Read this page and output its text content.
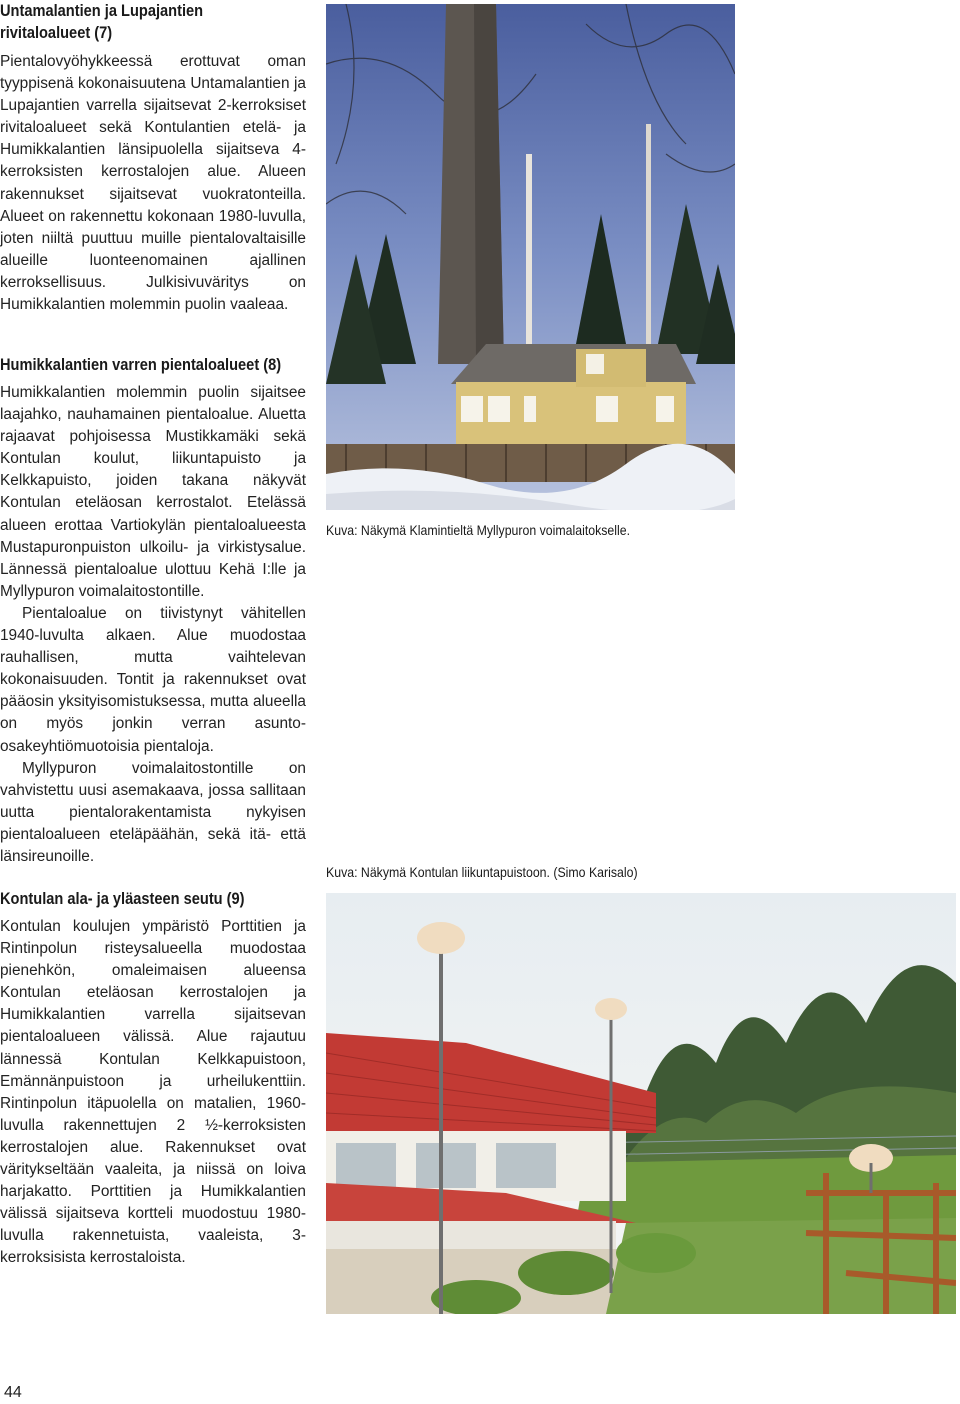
Untamalantien ja Lupajantien
rivitaloalueet (7)

Pientalovyöhykkeessä erottuvat oman tyyppisenä kokonaisuutena Untamalantien ja Lupajantien varrella sijaitsevat 2-kerroksiset rivitaloalueet sekä Kontulantien etelä- ja Humikkalantien länsipuolella sijaitseva 4-kerroksisten kerrostalojen alue. Alueen rakennukset sijaitsevat vuokratonteilla. Alueet on rakennettu kokonaan 1980-luvulla, joten niiltä puuttuu muille pientalovaltaisille alueille luonteenomainen ajallinen kerroksellisuus. Julkisivuväritys on Humikkalantien molemmin puolin vaaleaa.

Humikkalantien varren pientaloalueet (8)

Humikkalantien molemmin puolin sijaitsee laajahko, nauhamainen pientaloalue. Aluetta rajaavat pohjoisessa Mustikkamäki sekä Kontulan koulut, liikuntapuisto ja Kelkkapuisto, joiden takana näkyvät Kontulan eteläosan kerrostalot. Etelässä alueen erottaa Vartiokylän pientaloalueesta Mustapuronpuiston ulkoilu- ja virkistysalue. Lännessä pientaloalue ulottuu Kehä I:lle ja Myllypuron voimalaitostontille.

Pientaloalue on tiivistynyt vähitellen 1940-luvulta alkaen. Alue muodostaa rauhallisen, mutta vaihtelevan kokonaisuuden. Tontit ja rakennukset ovat pääosin yksityisomistuksessa, mutta alueella on myös jonkin verran asunto-osakeyhtiömuotoisia pientaloja.

Myllypuron voimalaitostontille on vahvistettu uusi asemakaava, jossa sallitaan uutta pientalorakentamista nykyisen pientaloalueen eteläpäähän, sekä itä- että länsireunoille.

Kontulan ala- ja yläasteen seutu (9)

Kontulan koulujen ympäristö Porttitien ja Rintinpolun risteysalueella muodostaa pienehkön, omaleimaisen alueensa Kontulan eteläosan kerrostalojen ja Humikkalantien varrella sijaitsevan pientaloalueen välissä. Alue rajautuu lännessä Kontulan Kelkkapuistoon, Emännänpuistoon ja urheilukenttiin. Rintinpolun itäpuolella on matalien, 1960-luvulla rakennettujen 2 ½-kerroksisten kerrostalojen alue. Rakennukset ovat väritykseltään vaaleita, ja niissä on loiva harjakatto. Porttitien ja Humikkalantien välissä sijaitseva kortteli muodostuu 1980-luvulla rakennetuista, vaaleista, 3-kerroksisista kerrostaloista.

Kuva: Näkymä Klamintieltä Myllypuron voimalaitokselle.
Kuva: Näkymä Kontulan liikuntapuistoon. (Simo Karisalo)
44
